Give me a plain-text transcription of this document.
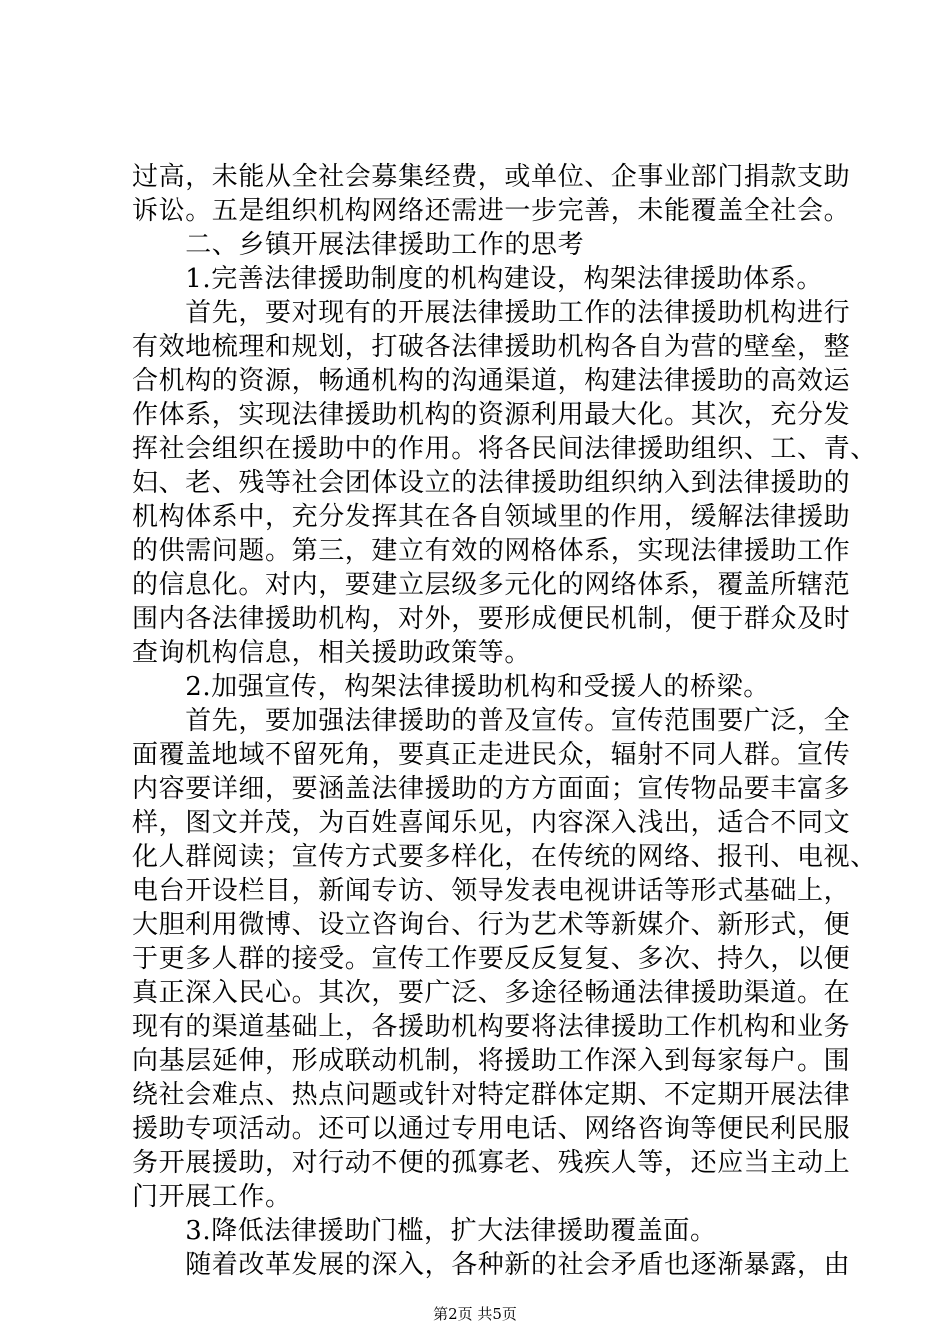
过高，未能从全社会募集经费，或单位、企事业部门捐款支助
诉讼。五是组织机构网络还需进一步完善，未能覆盖全社会。
　　二、乡镇开展法律援助工作的思考
　　1.完善法律援助制度的机构建设，构架法律援助体系。
　　首先，要对现有的开展法律援助工作的法律援助机构进行
有效地梳理和规划，打破各法律援助机构各自为营的壁垒，整
合机构的资源，畅通机构的沟通渠道，构建法律援助的高效运
作体系，实现法律援助机构的资源利用最大化。其次，充分发
挥社会组织在援助中的作用。将各民间法律援助组织、工、青、
妇、老、残等社会团体设立的法律援助组织纳入到法律援助的
机构体系中，充分发挥其在各自领域里的作用，缓解法律援助
的供需问题。第三，建立有效的网格体系，实现法律援助工作
的信息化。对内，要建立层级多元化的网络体系，覆盖所辖范
围内各法律援助机构，对外，要形成便民机制，便于群众及时
查询机构信息，相关援助政策等。
　　2.加强宣传，构架法律援助机构和受援人的桥梁。
　　首先，要加强法律援助的普及宣传。宣传范围要广泛，全
面覆盖地域不留死角，要真正走进民众，辐射不同人群。宣传
内容要详细，要涵盖法律援助的方方面面；宣传物品要丰富多
样，图文并茂，为百姓喜闻乐见，内容深入浅出，适合不同文
化人群阅读；宣传方式要多样化，在传统的网络、报刊、电视、
电台开设栏目，新闻专访、领导发表电视讲话等形式基础上，
大胆利用微博、设立咨询台、行为艺术等新媒介、新形式，便
于更多人群的接受。宣传工作要反反复复、多次、持久，以便
真正深入民心。其次，要广泛、多途径畅通法律援助渠道。在
现有的渠道基础上，各援助机构要将法律援助工作机构和业务
向基层延伸，形成联动机制，将援助工作深入到每家每户。围
绕社会难点、热点问题或针对特定群体定期、不定期开展法律
援助专项活动。还可以通过专用电话、网络咨询等便民利民服
务开展援助，对行动不便的孤寡老、残疾人等，还应当主动上
门开展工作。
　　3.降低法律援助门槛，扩大法律援助覆盖面。
　　随着改革发展的深入，各种新的社会矛盾也逐渐暴露，由
第2页 共5页
